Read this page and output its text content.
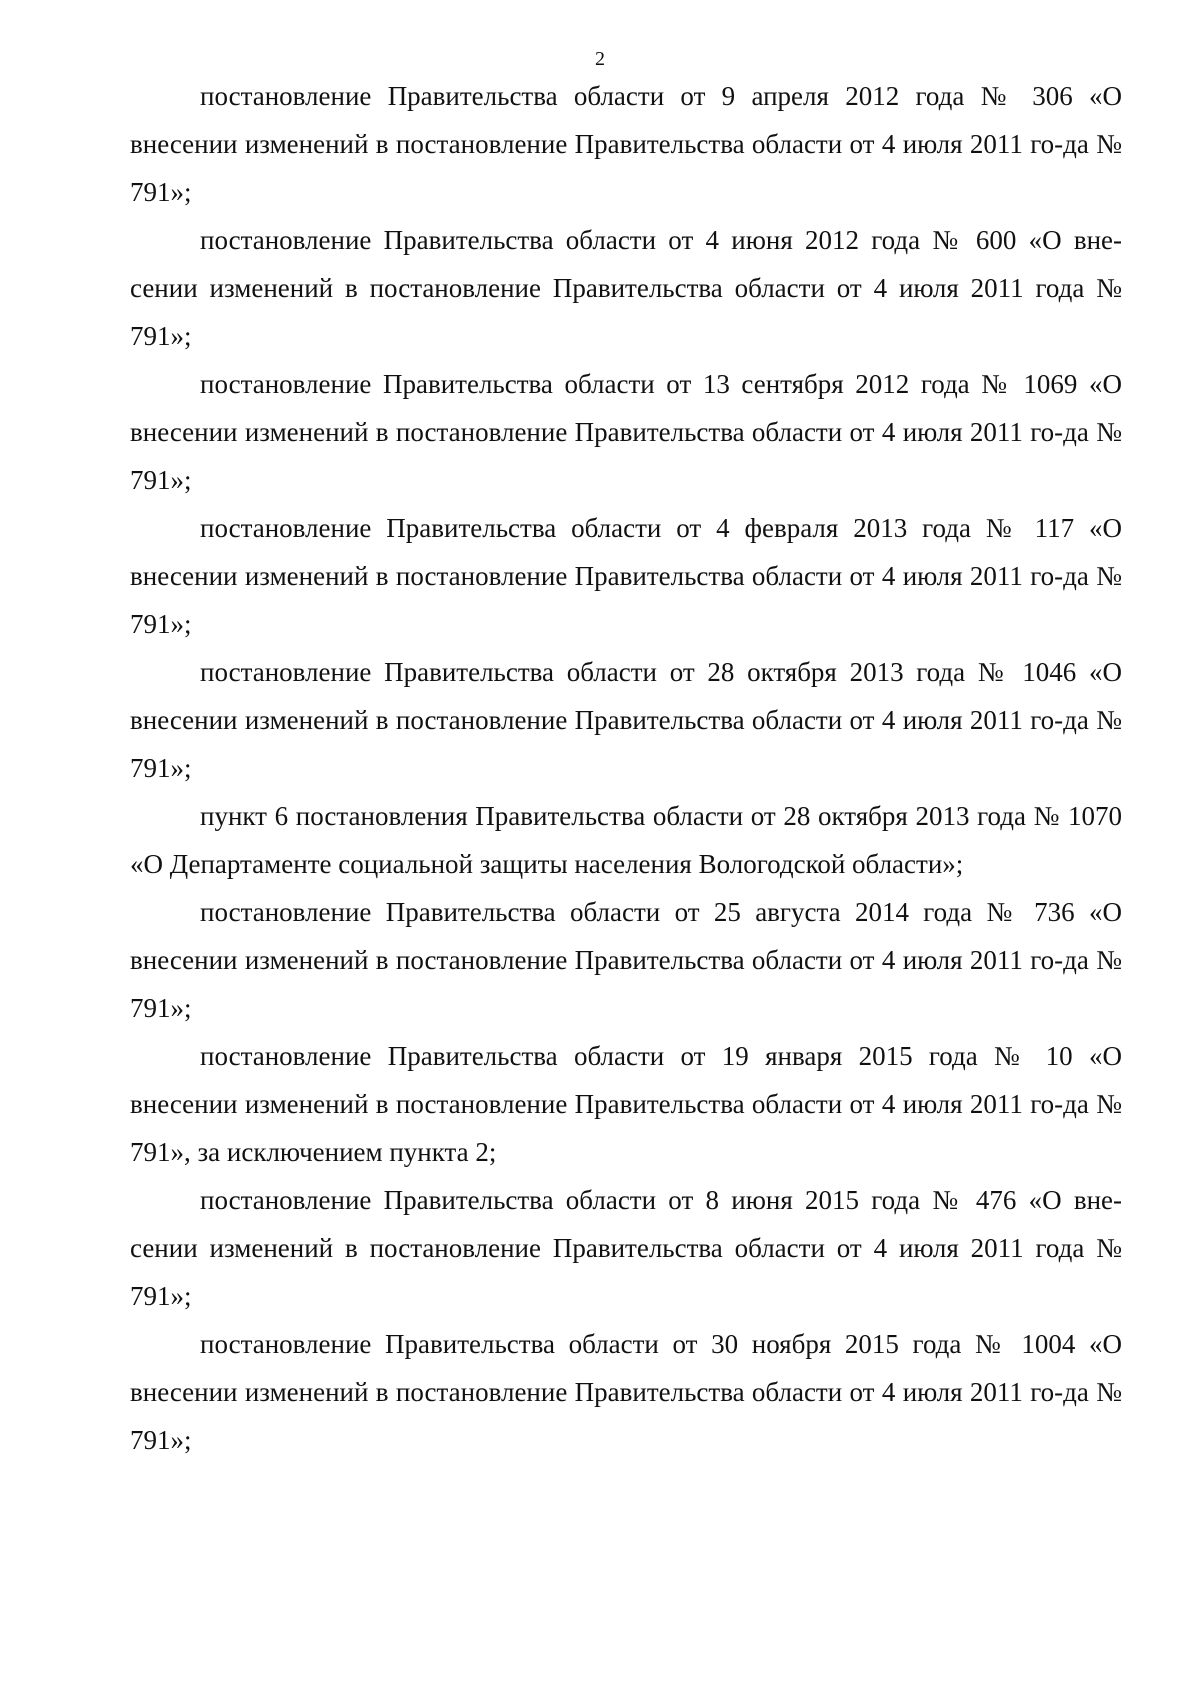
2

постановление Правительства области от 9 апреля 2012 года № 306 «О внесении изменений в постановление Правительства области от 4 июля 2011 го-да № 791»;

постановление Правительства области от 4 июня 2012 года № 600 «О вне-сении изменений в постановление Правительства области от 4 июля 2011 года № 791»;

постановление Правительства области от 13 сентября 2012 года № 1069 «О внесении изменений в постановление Правительства области от 4 июля 2011 го-да № 791»;

постановление Правительства области от 4 февраля 2013 года № 117 «О внесении изменений в постановление Правительства области от 4 июля 2011 го-да № 791»;

постановление Правительства области от 28 октября 2013 года № 1046 «О внесении изменений в постановление Правительства области от 4 июля 2011 го-да № 791»;

пункт 6 постановления Правительства области от 28 октября 2013 года № 1070 «О Департаменте социальной защиты населения Вологодской области»;

постановление Правительства области от 25 августа 2014 года № 736 «О внесении изменений в постановление Правительства области от 4 июля 2011 го-да № 791»;

постановление Правительства области от 19 января 2015 года № 10 «О внесении изменений в постановление Правительства области от 4 июля 2011 го-да № 791», за исключением пункта 2;

постановление Правительства области от 8 июня 2015 года № 476 «О вне-сении изменений в постановление Правительства области от 4 июля 2011 года № 791»;

постановление Правительства области от 30 ноября 2015 года № 1004 «О внесении изменений в постановление Правительства области от 4 июля 2011 го-да № 791»;
